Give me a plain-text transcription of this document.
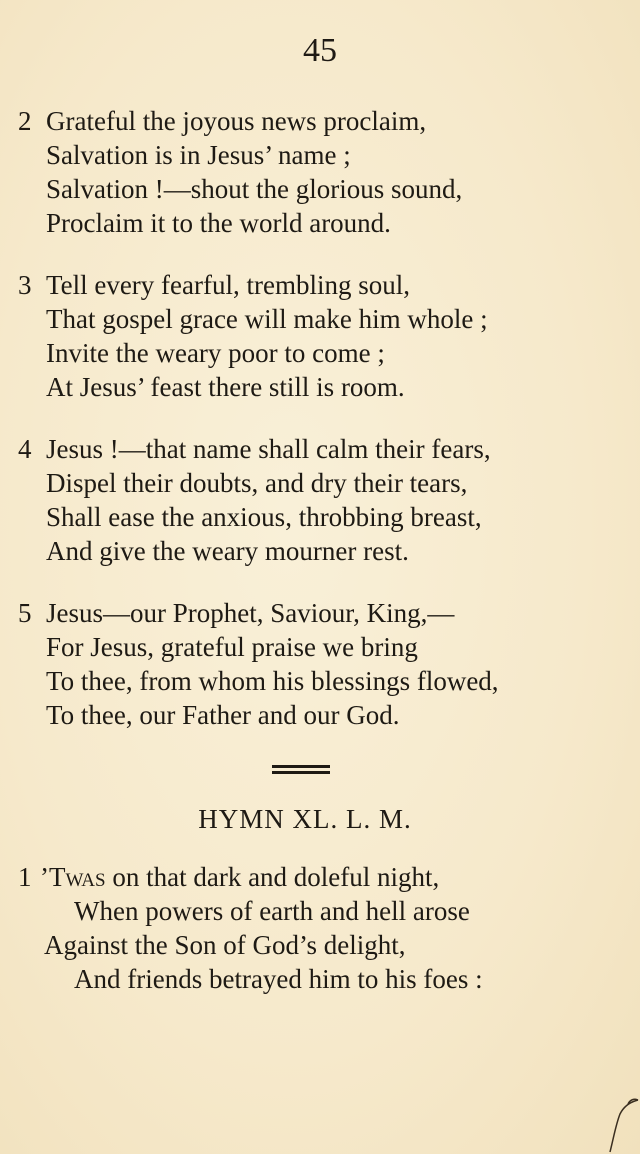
45
2 Grateful the joyous news proclaim,
Salvation is in Jesus’ name ;
Salvation !—shout the glorious sound,
Proclaim it to the world around.
3 Tell every fearful, trembling soul,
That gospel grace will make him whole ;
Invite the weary poor to come ;
At Jesus’ feast there still is room.
4 Jesus !—that name shall calm their fears,
Dispel their doubts, and dry their tears,
Shall ease the anxious, throbbing breast,
And give the weary mourner rest.
5 Jesus—our Prophet, Saviour, King,—
For Jesus, grateful praise we bring
To thee, from whom his blessings flowed,
To thee, our Father and our God.
HYMN XL. L. M.
1 ’Twas on that dark and doleful night,
When powers of earth and hell arose
Against the Son of God’s delight,
And friends betrayed him to his foes :
